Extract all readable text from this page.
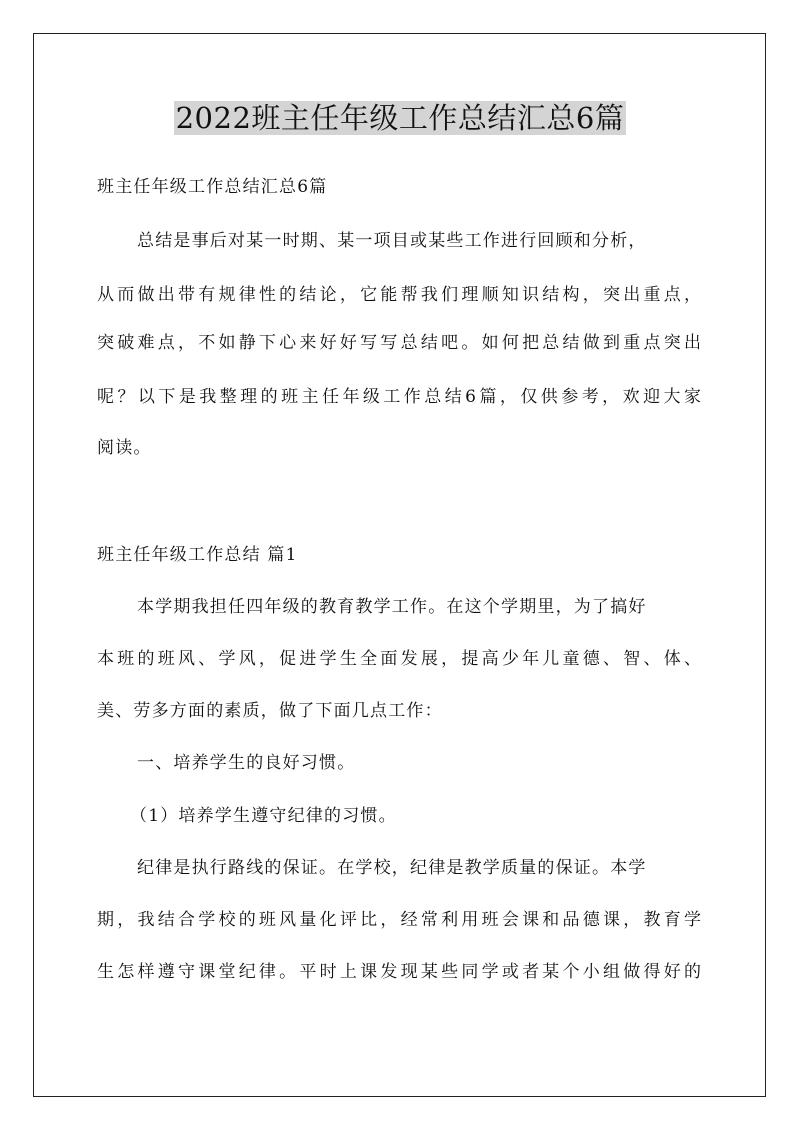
2022班主任年级工作总结汇总6篇
班主任年级工作总结汇总6篇
总结是事后对某一时期、某一项目或某些工作进行回顾和分析，
从而做出带有规律性的结论，它能帮我们理顺知识结构，突出重点，
突破难点，不如静下心来好好写写总结吧。如何把总结做到重点突出
呢？以下是我整理的班主任年级工作总结6篇，仅供参考，欢迎大家
阅读。
班主任年级工作总结 篇1
本学期我担任四年级的教育教学工作。在这个学期里，为了搞好
本班的班风、学风，促进学生全面发展，提高少年儿童德、智、体、
美、劳多方面的素质，做了下面几点工作：
一、培养学生的良好习惯。
（1）培养学生遵守纪律的习惯。
纪律是执行路线的保证。在学校，纪律是教学质量的保证。本学
期，我结合学校的班风量化评比，经常利用班会课和品德课，教育学
生怎样遵守课堂纪律。平时上课发现某些同学或者某个小组做得好的
